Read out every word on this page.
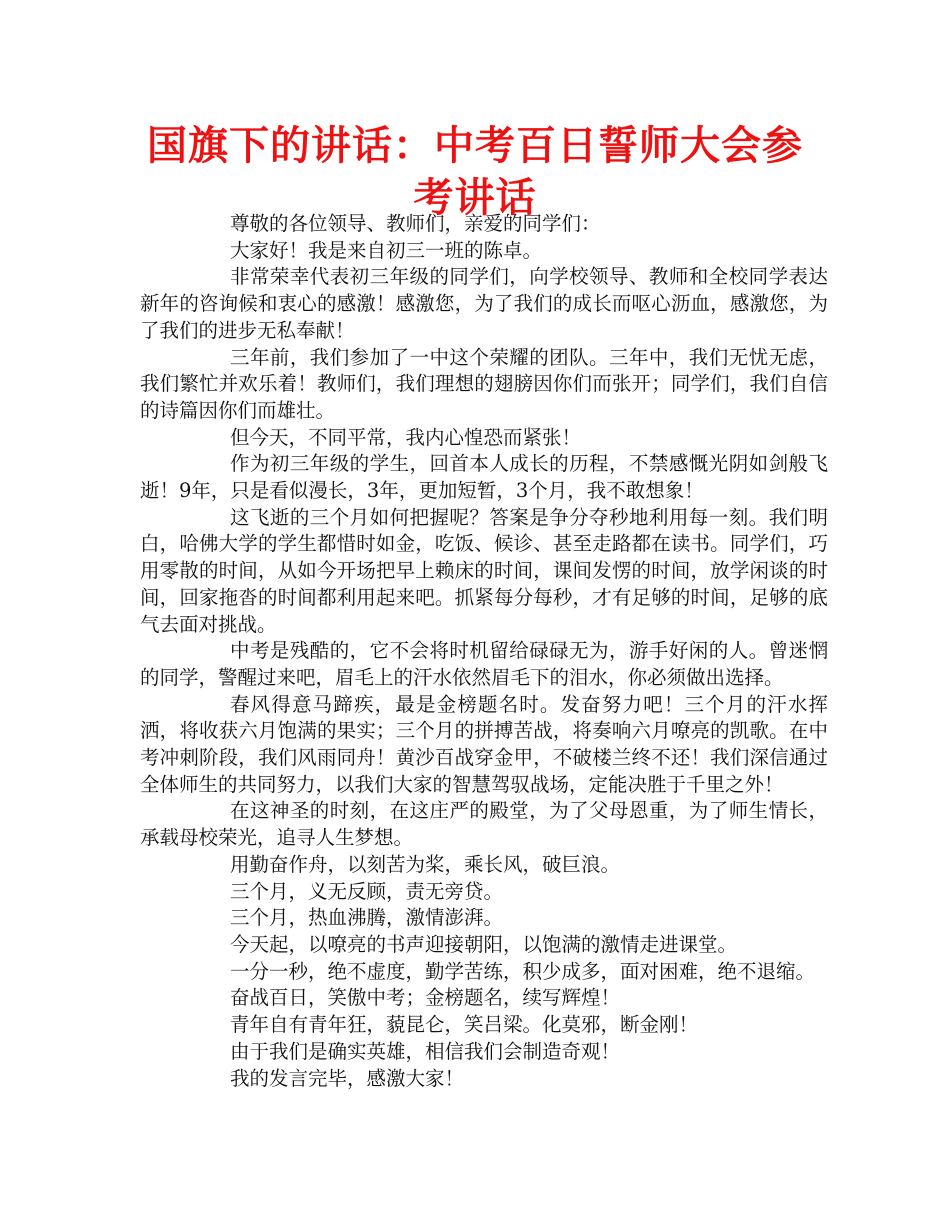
国旗下的讲话：中考百日誓师大会参考讲话

尊敬的各位领导、教师们，亲爱的同学们：

大家好！我是来自初三一班的陈卓。

非常荣幸代表初三年级的同学们，向学校领导、教师和全校同学表达新年的咨询候和衷心的感激！感激您，为了我们的成长而呕心沥血，感激您，为了我们的进步无私奉献！

三年前，我们参加了一中这个荣耀的团队。三年中，我们无忧无虑，我们繁忙并欢乐着！教师们，我们理想的翅膀因你们而张开；同学们，我们自信的诗篇因你们而雄壮。

但今天，不同平常，我内心惶恐而紧张！

作为初三年级的学生，回首本人成长的历程，不禁感慨光阴如剑般飞逝！9年，只是看似漫长，3年，更加短暂，3个月，我不敢想象！

这飞逝的三个月如何把握呢？答案是争分夺秒地利用每一刻。我们明白，哈佛大学的学生都惜时如金，吃饭、候诊、甚至走路都在读书。同学们，巧用零散的时间，从如今开场把早上赖床的时间，课间发愣的时间，放学闲谈的时间，回家拖沓的时间都利用起来吧。抓紧每分每秒，才有足够的时间，足够的底气去面对挑战。

中考是残酷的，它不会将时机留给碌碌无为，游手好闲的人。曾迷惘的同学，警醒过来吧，眉毛上的汗水依然眉毛下的泪水，你必须做出选择。

春风得意马蹄疾，最是金榜题名时。发奋努力吧！三个月的汗水挥洒，将收获六月饱满的果实；三个月的拼搏苦战，将奏响六月嘹亮的凯歌。在中考冲刺阶段，我们风雨同舟！黄沙百战穿金甲，不破楼兰终不还！我们深信通过全体师生的共同努力，以我们大家的智慧驾驭战场，定能决胜于千里之外！

在这神圣的时刻，在这庄严的殿堂，为了父母恩重，为了师生情长，承载母校荣光，追寻人生梦想。

用勤奋作舟，以刻苦为桨，乘长风，破巨浪。

三个月，义无反顾，责无旁贷。

三个月，热血沸腾，激情澎湃。

今天起，以嘹亮的书声迎接朝阳，以饱满的激情走进课堂。

一分一秒，绝不虚度，勤学苦练，积少成多，面对困难，绝不退缩。

奋战百日，笑傲中考；金榜题名，续写辉煌！

青年自有青年狂，藐昆仑，笑吕梁。化莫邪，断金刚！

由于我们是确实英雄，相信我们会制造奇观！

我的发言完毕，感激大家！
